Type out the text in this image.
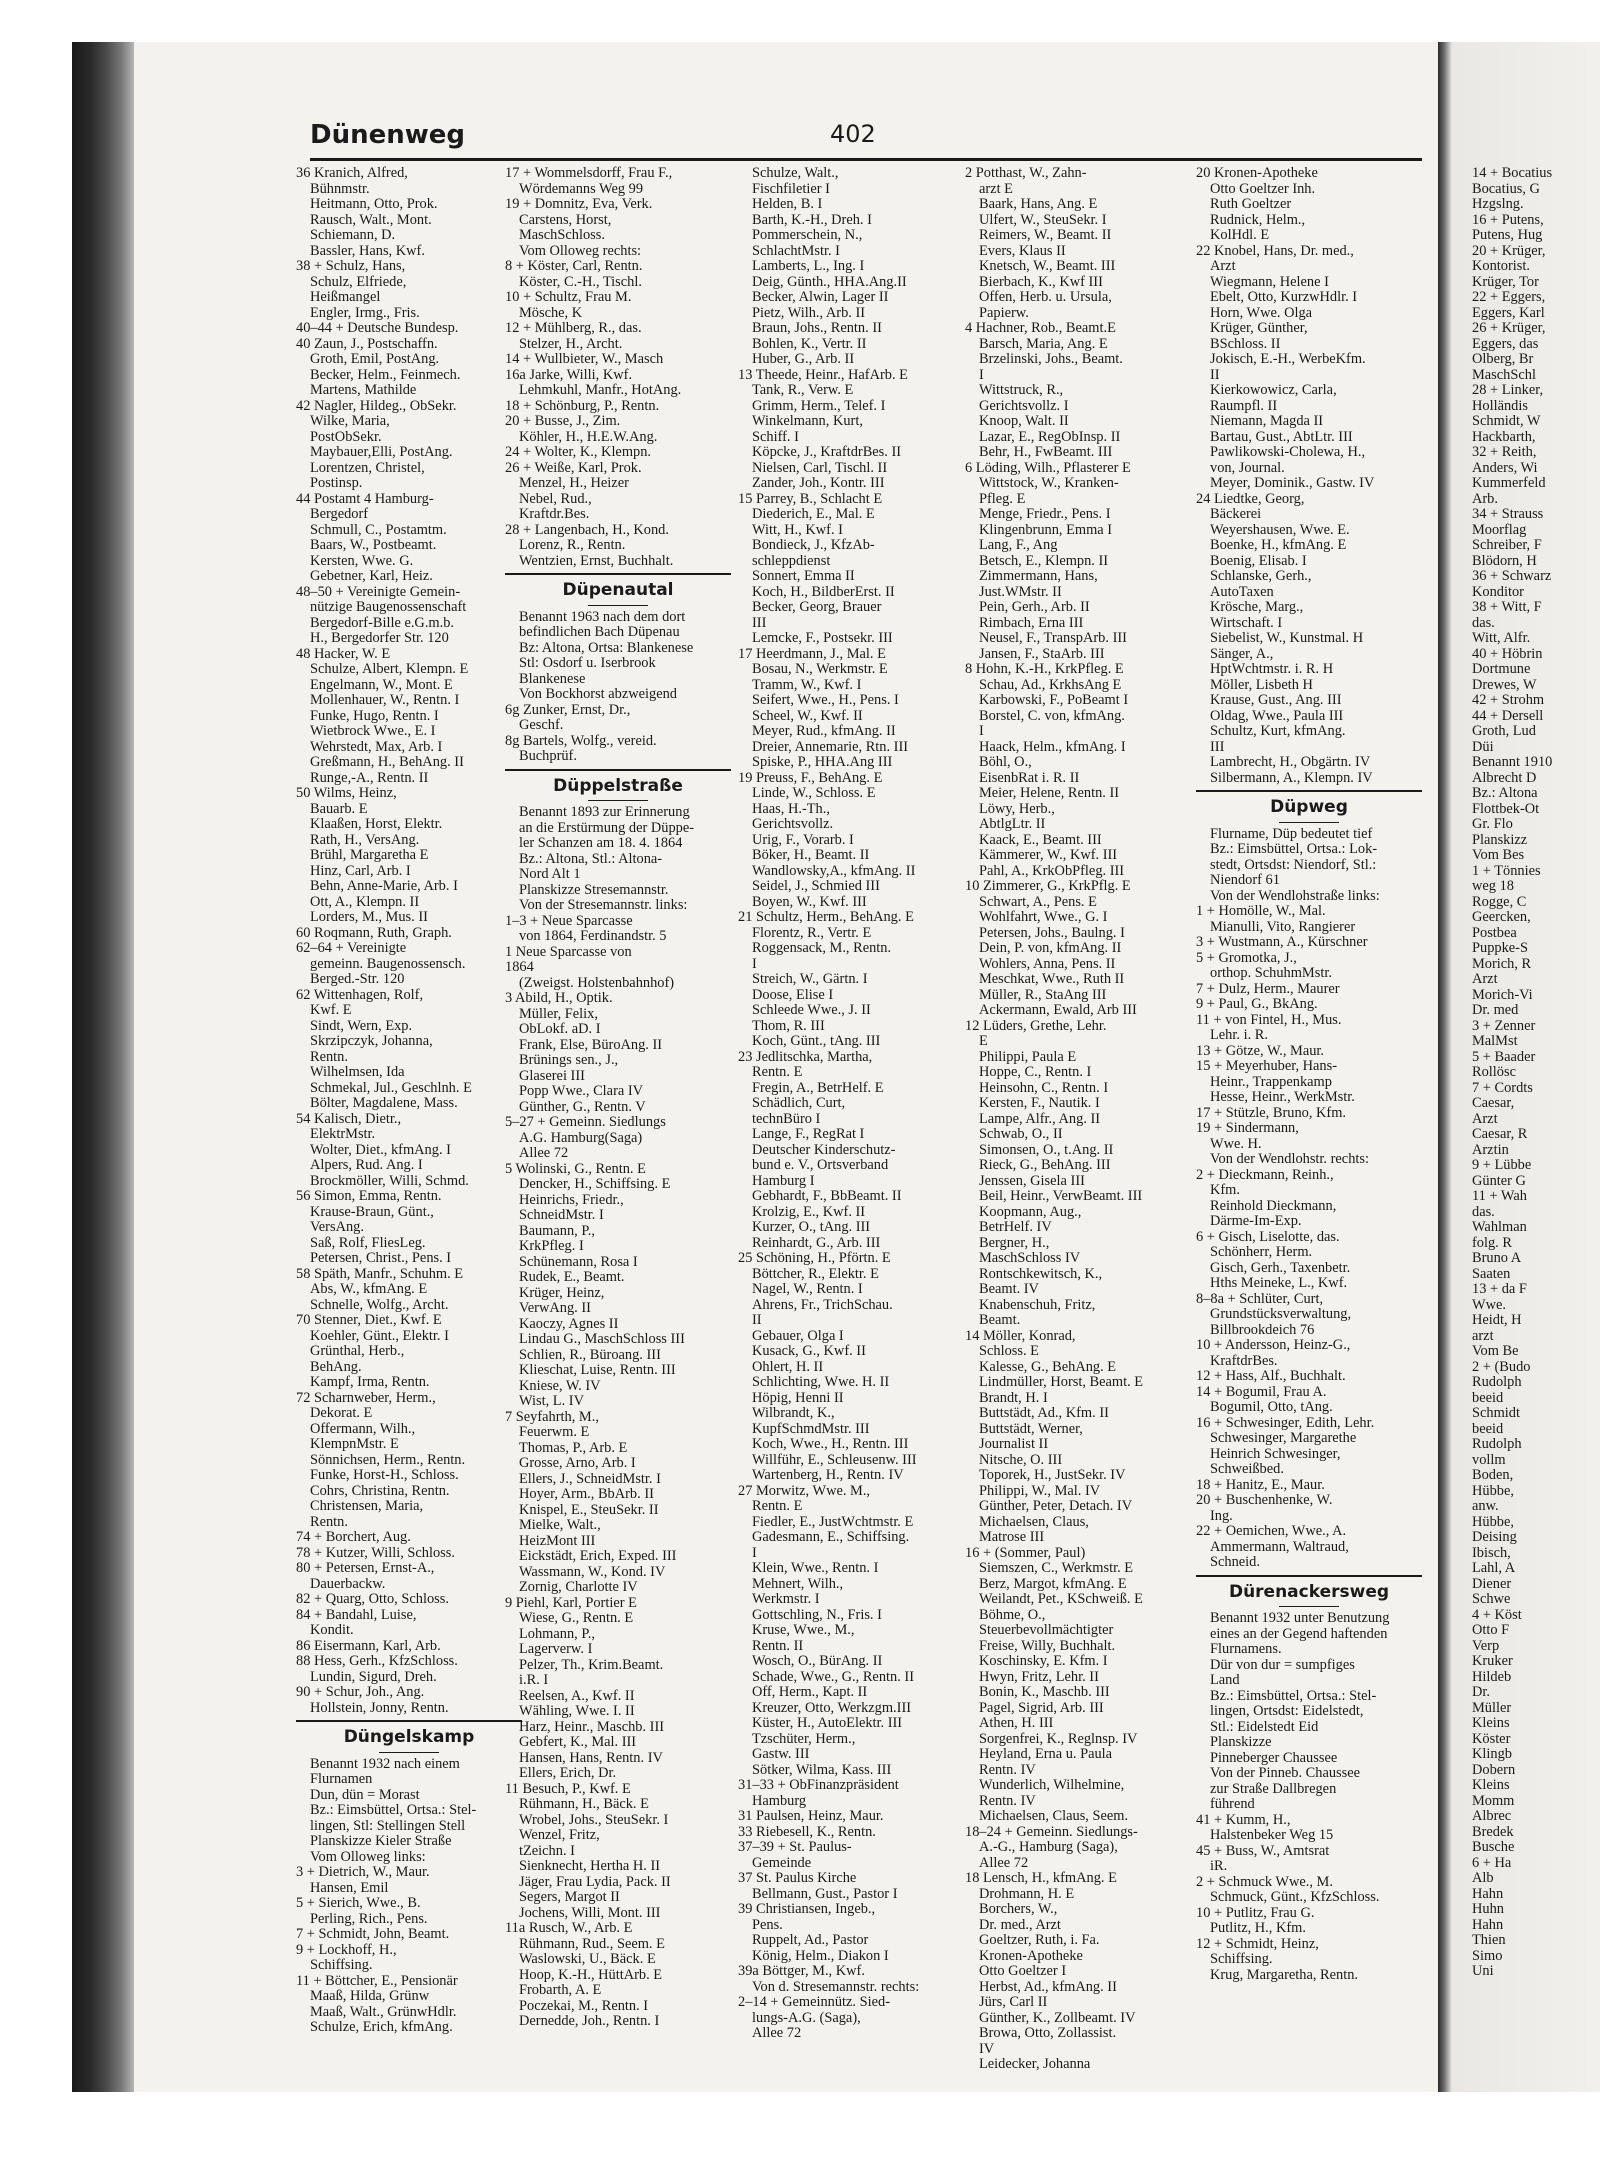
Dünenweg	402
36 Kranich, Alfred,
Bühnmstr.
Heitmann, Otto, Prok.
Rausch, Walt., Mont.
Schiemann, D.
Bassler, Hans, Kwf.
38 + Schulz, Hans,
Schulz, Elfriede,
Heißmangel
Engler, Irmg., Fris.
40–44 + Deutsche Bundesp.
40 Zaun, J., Postschaffn.
Groth, Emil, PostAng.
Becker, Helm., Feinmech.
Martens, Mathilde
42 Nagler, Hildeg., ObSekr.
Wilke, Maria,
PostObSekr.
Maybauer,Elli, PostAng.
Lorentzen, Christel,
Postinsp.
44 Postamt 4 Hamburg-
Bergedorf
Schmull, C., Postamtm.
Baars, W., Postbeamt.
Kersten, Wwe. G.
Gebetner, Karl, Heiz.
48–50 + Vereinigte Gemein-
nützige Baugenossenschaft
Bergedorf-Bille e.G.m.b.
H., Bergedorfer Str. 120
48 Hacker, W. E
Schulze, Albert, Klempn. E
Engelmann, W., Mont. E
Mollenhauer, W., Rentn. I
Funke, Hugo, Rentn. I
Wietbrock Wwe., E. I
Wehrstedt, Max, Arb. I
Greßmann, H., BehAng. II
Runge,-A., Rentn. II
50 Wilms, Heinz,
Bauarb. E
Klaaßen, Horst, Elektr.
Rath, H., VersAng.
Brühl, Margaretha E
Hinz, Carl, Arb. I
Behn, Anne-Marie, Arb. I
Ott, A., Klempn. II
Lorders, M., Mus. II
60 Roqmann, Ruth, Graph.
62–64 + Vereinigte
gemeinn. Baugenossensch.
Berged.-Str. 120
62 Wittenhagen, Rolf,
Kwf. E
Sindt, Wern, Exp.
Skrzipczyk, Johanna,
Rentn.
Wilhelmsen, Ida
Schmekal, Jul., Geschlnh. E
Bölter, Magdalene, Mass.
54 Kalisch, Dietr.,
ElektrMstr.
Wolter, Diet., kfmAng. I
Alpers, Rud. Ang. I
Brockmöller, Willi, Schmd.
56 Simon, Emma, Rentn.
Krause-Braun, Günt.,
VersAng.
Saß, Rolf, FliesLeg.
Petersen, Christ., Pens. I
58 Späth, Manfr., Schuhm. E
Abs, W., kfmAng. E
Schnelle, Wolfg., Archt.
70 Stenner, Diet., Kwf. E
Koehler, Günt., Elektr. I
Grünthal, Herb.,
BehAng.
Kampf, Irma, Rentn.
72 Scharnweber, Herm.,
Dekorat. E
Offermann, Wilh.,
KlempnMstr. E
Sönnichsen, Herm., Rentn.
Funke, Horst-H., Schloss.
Cohrs, Christina, Rentn.
Christensen, Maria,
Rentn.
74 + Borchert, Aug.
78 + Kutzer, Willi, Schloss.
80 + Petersen, Ernst-A.,
Dauerbackw.
82 + Quarg, Otto, Schloss.
84 + Bandahl, Luise,
Kondit.
86 Eisermann, Karl, Arb.
88 Hess, Gerh., KfzSchloss.
Lundin, Sigurd, Dreh.
90 + Schur, Joh., Ang.
Hollstein, Jonny, Rentn.
Düngelskamp
Benannt 1932 nach einem
Flurnamen
Dun, dün = Morast
Bz.: Eimsbüttel, Ortsa.: Stel-
lingen, Stl: Stellingen Stell
Planskizze Kieler Straße
Vom Olloweg links:
3 + Dietrich, W., Maur.
Hansen, Emil
5 + Sierich, Wwe., B.
Perling, Rich., Pens.
7 + Schmidt, John, Beamt.
9 + Lockhoff, H.,
Schiffsing.
11 + Böttcher, E., Pensionär
Maaß, Hilda, Grünw
Maaß, Walt., GrünwHdlr.
Schulze, Erich, kfmAng.
17 + Wommelsdorff, Frau F.,
Wördemanns Weg 99
19 + Domnitz, Eva, Verk.
Carstens, Horst,
MaschSchloss.
Vom Olloweg rechts:
8 + Köster, Carl, Rentn.
Köster, C.-H., Tischl.
10 + Schultz, Frau M.
Mösche, K
12 + Mühlberg, R., das.
Stelzer, H., Archt.
14 + Wullbieter, W., Masch
16a Jarke, Willi, Kwf.
Lehmkuhl, Manfr., HotAng.
18 + Schönburg, P., Rentn.
20 + Busse, J., Zim.
Köhler, H., H.E.W.Ang.
24 + Wolter, K., Klempn.
26 + Weiße, Karl, Prok.
Menzel, H., Heizer
Nebel, Rud.,
Kraftdr.Bes.
28 + Langenbach, H., Kond.
Lorenz, R., Rentn.
Wentzien, Ernst, Buchhalt.
Düpenautal
Benannt 1963 nach dem dort
befindlichen Bach Düpenau
Bz: Altona, Ortsa: Blankenese
Stl: Osdorf u. Iserbrook
Blankenese
Von Bockhorst abzweigend
6g Zunker, Ernst, Dr.,
Geschf.
8g Bartels, Wolfg., vereid.
Buchprüf.
Düppelstraße
Benannt 1893 zur Erinnerung
an die Erstürmung der Düppe-
ler Schanzen am 18. 4. 1864
Bz.: Altona, Stl.: Altona-
Nord Alt 1
Planskizze Stresemannstr.
Von der Stresemannstr. links:
1–3 + Neue Sparcasse
von 1864, Ferdinandstr. 5
1 Neue Sparcasse von
1864
(Zweigst. Holstenbahnhof)
3 Abild, H., Optik.
Müller, Felix,
ObLokf. aD. I
Frank, Else, BüroAng. II
Brünings sen., J.,
Glaserei III
Popp Wwe., Clara IV
Günther, G., Rentn. V
5–27 + Gemeinn. Siedlungs
A.G. Hamburg(Saga)
Allee 72
5 Wolinski, G., Rentn. E
Dencker, H., Schiffsing. E
Heinrichs, Friedr.,
SchneidMstr. I
Baumann, P.,
KrkPfleg. I
Schünemann, Rosa I
Rudek, E., Beamt.
Krüger, Heinz,
VerwAng. II
Kaoczy, Agnes II
Lindau G., MaschSchloss III
Schlien, R., Büroang. III
Klieschat, Luise, Rentn. III
Kniese, W. IV
Wist, L. IV
7 Seyfahrth, M.,
Feuerwm. E
Thomas, P., Arb. E
Grosse, Arno, Arb. I
Ellers, J., SchneidMstr. I
Hoyer, Arm., BbArb. II
Knispel, E., SteuSekr. II
Mielke, Walt.,
HeizMont III
Eickstädt, Erich, Exped. III
Wassmann, W., Kond. IV
Zornig, Charlotte IV
9 Piehl, Karl, Portier E
Wiese, G., Rentn. E
Lohmann, P.,
Lagerverw. I
Pelzer, Th., Krim.Beamt.
i.R. I
Reelsen, A., Kwf. II
Wähling, Wwe. I. II
Harz, Heinr., Maschb. III
Gebfert, K., Mal. III
Hansen, Hans, Rentn. IV
Ellers, Erich, Dr.
11 Besuch, P., Kwf. E
Rühmann, H., Bäck. E
Wrobel, Johs., SteuSekr. I
Wenzel, Fritz,
tZeichn. I
Sienknecht, Hertha H. II
Jäger, Frau Lydia, Pack. II
Segers, Margot II
Jochens, Willi, Mont. III
11a Rusch, W., Arb. E
Rühmann, Rud., Seem. E
Waslowski, U., Bäck. E
Hoop, K.-H., HüttArb. E
Frobarth, A. E
Poczekai, M., Rentn. I
Dernedde, Joh., Rentn. I
Schulze, Walt.,
Fischfiletier I
Helden, B. I
Barth, K.-H., Dreh. I
Pommerschein, N.,
SchlachtMstr. I
Lamberts, L., Ing. I
Deig, Günth., HHA.Ang.II
Becker, Alwin, Lager II
Pietz, Wilh., Arb. II
Braun, Johs., Rentn. II
Bohlen, K., Vertr. II
Huber, G., Arb. II
13 Theede, Heinr., HafArb. E
Tank, R., Verw. E
Grimm, Herm., Telef. I
Winkelmann, Kurt,
Schiff. I
Köpcke, J., KraftdrBes. II
Nielsen, Carl, Tischl. II
Zander, Joh., Kontr. III
15 Parrey, B., Schlacht E
Diederich, E., Mal. E
Witt, H., Kwf. I
Bondieck, J., KfzAb-
schleppdienst
Sonnert, Emma II
Koch, H., BildberErst. II
Becker, Georg, Brauer
III
Lemcke, F., Postsekr. III
17 Heerdmann, J., Mal. E
Bosau, N., Werkmstr. E
Tramm, W., Kwf. I
Seifert, Wwe., H., Pens. I
Scheel, W., Kwf. II
Meyer, Rud., kfmAng. II
Dreier, Annemarie, Rtn. III
Spiske, P., HHA.Ang III
19 Preuss, F., BehAng. E
Linde, W., Schloss. E
Haas, H.-Th.,
Gerichtsvollz.
Urig, F., Vorarb. I
Böker, H., Beamt. II
Wandlowsky,A., kfmAng. II
Seidel, J., Schmied III
Boyen, W., Kwf. III
21 Schultz, Herm., BehAng. E
Florentz, R., Vertr. E
Roggensack, M., Rentn.
I
Streich, W., Gärtn. I
Doose, Elise I
Schleede Wwe., J. II
Thom, R. III
Koch, Günt., tAng. III
23 Jedlitschka, Martha,
Rentn. E
Fregin, A., BetrHelf. E
Schädlich, Curt,
technBüro I
Lange, F., RegRat I
Deutscher Kinderschutz-
bund e. V., Ortsverband
Hamburg I
Gebhardt, F., BbBeamt. II
Krolzig, E., Kwf. II
Kurzer, O., tAng. III
Reinhardt, G., Arb. III
25 Schöning, H., Pförtn. E
Böttcher, R., Elektr. E
Nagel, W., Rentn. I
Ahrens, Fr., TrichSchau.
II
Gebauer, Olga I
Kusack, G., Kwf. II
Ohlert, H. II
Schlichting, Wwe. H. II
Höpig, Henni II
Wilbrandt, K.,
KupfSchmdMstr. III
Koch, Wwe., H., Rentn. III
Willführ, E., Schleusenw. III
Wartenberg, H., Rentn. IV
27 Morwitz, Wwe. M.,
Rentn. E
Fiedler, E., JustWchtmstr. E
Gadesmann, E., Schiffsing.
I
Klein, Wwe., Rentn. I
Mehnert, Wilh.,
Werkmstr. I
Gottschling, N., Fris. I
Kruse, Wwe., M.,
Rentn. II
Wosch, O., BürAng. II
Schade, Wwe., G., Rentn. II
Off, Herm., Kapt. II
Kreuzer, Otto, Werkzgm.III
Küster, H., AutoElektr. III
Tzschüter, Herm.,
Gastw. III
Sötker, Wilma, Kass. III
31–33 + ObFinanzpräsident
Hamburg
31 Paulsen, Heinz, Maur.
33 Riebesell, K., Rentn.
37–39 + St. Paulus-
Gemeinde
37 St. Paulus Kirche
Bellmann, Gust., Pastor I
39 Christiansen, Ingeb.,
Pens.
Ruppelt, Ad., Pastor
König, Helm., Diakon I
39a Böttger, M., Kwf.
Von d. Stresemannstr. rechts:
2–14 + Gemeinnütz. Sied-
lungs-A.G. (Saga),
Allee 72
2 Potthast, W., Zahn-
arzt E
Baark, Hans, Ang. E
Ulfert, W., SteuSekr. I
Reimers, W., Beamt. II
Evers, Klaus II
Knetsch, W., Beamt. III
Bierbach, K., Kwf III
Offen, Herb. u. Ursula,
Papierw.
4 Hachner, Rob., Beamt.E
Barsch, Maria, Ang. E
Brzelinski, Johs., Beamt.
I
Wittstruck, R.,
Gerichtsvollz. I
Knoop, Walt. II
Lazar, E., RegObInsp. II
Behr, H., FwBeamt. III
6 Löding, Wilh., Pflasterer E
Wittstock, W., Kranken-
Pfleg. E
Menge, Friedr., Pens. I
Klingenbrunn, Emma I
Lang, F., Ang
Betsch, E., Klempn. II
Zimmermann, Hans,
Just.WMstr. II
Pein, Gerh., Arb. II
Rimbach, Erna III
Neusel, F., TranspArb. III
Jansen, F., StaArb. III
8 Hohn, K.-H., KrkPfleg. E
Schau, Ad., KrkhsAng E
Karbowski, F., PoBeamt I
Borstel, C. von, kfmAng.
I
Haack, Helm., kfmAng. I
Böhl, O.,
EisenbRat i. R. II
Meier, Helene, Rentn. II
Löwy, Herb.,
AbtlgLtr. II
Kaack, E., Beamt. III
Kämmerer, W., Kwf. III
Pahl, A., KrkObPfleg. III
10 Zimmerer, G., KrkPflg. E
Schwart, A., Pens. E
Wohlfahrt, Wwe., G. I
Petersen, Johs., Baulng. I
Dein, P. von, kfmAng. II
Wohlers, Anna, Pens. II
Meschkat, Wwe., Ruth II
Müller, R., StaAng III
Ackermann, Ewald, Arb III
12 Lüders, Grethe, Lehr.
E
Philippi, Paula E
Hoppe, C., Rentn. I
Heinsohn, C., Rentn. I
Kersten, F., Nautik. I
Lampe, Alfr., Ang. II
Schwab, O., II
Simonsen, O., t.Ang. II
Rieck, G., BehAng. III
Jenssen, Gisela III
Beil, Heinr., VerwBeamt. III
Koopmann, Aug.,
BetrHelf. IV
Bergner, H.,
MaschSchloss IV
Rontschkewitsch, K.,
Beamt. IV
Knabenschuh, Fritz,
Beamt.
14 Möller, Konrad,
Schloss. E
Kalesse, G., BehAng. E
Lindmüller, Horst, Beamt. E
Brandt, H. I
Buttstädt, Ad., Kfm. II
Buttstädt, Werner,
Journalist II
Nitsche, O. III
Toporek, H., JustSekr. IV
Philippi, W., Mal. IV
Günther, Peter, Detach. IV
Michaelsen, Claus,
Matrose III
16 + (Sommer, Paul)
Siemszen, C., Werkmstr. E
Berz, Margot, kfmAng. E
Weilandt, Pet., KSchweiß. E
Böhme, O.,
Steuerbevollmächtigter
Freise, Willy, Buchhalt.
Koschinsky, E. Kfm. I
Hwyn, Fritz, Lehr. II
Bonin, K., Maschb. III
Pagel, Sigrid, Arb. III
Athen, H. III
Sorgenfrei, K., Reglnsp. IV
Heyland, Erna u. Paula
Rentn. IV
Wunderlich, Wilhelmine,
Rentn. IV
Michaelsen, Claus, Seem.
18–24 + Gemeinn. Siedlungs-
A.-G., Hamburg (Saga),
Allee 72
18 Lensch, H., kfmAng. E
Drohmann, H. E
Borchers, W.,
Dr. med., Arzt
Goeltzer, Ruth, i. Fa.
Kronen-Apotheke
Otto Goeltzer I
Herbst, Ad., kfmAng. II
Jürs, Carl II
Günther, K., Zollbeamt. IV
Browa, Otto, Zollassist.
IV
Leidecker, Johanna
20 Kronen-Apotheke
Otto Goeltzer Inh.
Ruth Goeltzer
Rudnick, Helm.,
KolHdl. E
22 Knobel, Hans, Dr. med.,
Arzt
Wiegmann, Helene I
Ebelt, Otto, KurzwHdlr. I
Horn, Wwe. Olga
Krüger, Günther,
BSchloss. II
Jokisch, E.-H., WerbeKfm.
II
Kierkowowicz, Carla,
Raumpfl. II
Niemann, Magda II
Bartau, Gust., AbtLtr. III
Pawlikowski-Cholewa, H.,
von, Journal.
Meyer, Dominik., Gastw. IV
24 Liedtke, Georg,
Bäckerei
Weyershausen, Wwe. E.
Boenke, H., kfmAng. E
Boenig, Elisab. I
Schlanske, Gerh.,
AutoTaxen
Krösche, Marg.,
Wirtschaft. I
Siebelist, W., Kunstmal. H
Sänger, A.,
HptWchtmstr. i. R. H
Möller, Lisbeth H
Krause, Gust., Ang. III
Oldag, Wwe., Paula III
Schultz, Kurt, kfmAng.
III
Lambrecht, H., Obgärtn. IV
Silbermann, A., Klempn. IV
Düpweg
Flurname, Düp bedeutet tief
Bz.: Eimsbüttel, Ortsa.: Lok-
stedt, Ortsdst: Niendorf, Stl.:
Niendorf 61
Von der Wendlohstraße links:
1 + Homölle, W., Mal.
Mianulli, Vito, Rangierer
3 + Wustmann, A., Kürschner
5 + Gromotka, J.,
orthop. SchuhmMstr.
7 + Dulz, Herm., Maurer
9 + Paul, G., BkAng.
11 + von Fintel, H., Mus.
Lehr. i. R.
13 + Götze, W., Maur.
15 + Meyerhuber, Hans-
Heinr., Trappenkamp
Hesse, Heinr., WerkMstr.
17 + Stützle, Bruno, Kfm.
19 + Sindermann,
Wwe. H.
Von der Wendlohstr. rechts:
2 + Dieckmann, Reinh.,
Kfm.
Reinhold Dieckmann,
Därme-Im-Exp.
6 + Gisch, Liselotte, das.
Schönherr, Herm.
Gisch, Gerh., Taxenbetr.
Hths Meineke, L., Kwf.
8–8a + Schlüter, Curt,
Grundstücksverwaltung,
Billbrookdeich 76
10 + Andersson, Heinz-G.,
KraftdrBes.
12 + Hass, Alf., Buchhalt.
14 + Bogumil, Frau A.
Bogumil, Otto, tAng.
16 + Schwesinger, Edith, Lehr.
Schwesinger, Margarethe
Heinrich Schwesinger,
Schweißbed.
18 + Hanitz, E., Maur.
20 + Buschenhenke, W.
Ing.
22 + Oemichen, Wwe., A.
Ammermann, Waltraud,
Schneid.
Dürenackersweg
Benannt 1932 unter Benutzung
eines an der Gegend haftenden
Flurnamens.
Dür von dur = sumpfiges
Land
Bz.: Eimsbüttel, Ortsa.: Stel-
lingen, Ortsdst: Eidelstedt,
Stl.: Eidelstedt Eid
Planskizze
Pinneberger Chaussee
Von der Pinneb. Chaussee
zur Straße Dallbregen
führend
41 + Kumm, H.,
Halstenbeker Weg 15
45 + Buss, W., Amtsrat
iR.
2 + Schmuck Wwe., M.
Schmuck, Günt., KfzSchloss.
10 + Putlitz, Frau G.
Putlitz, H., Kfm.
12 + Schmidt, Heinz,
Schiffsing.
Krug, Margaretha, Rentn.
14 + Bocatius
Bocatius, G
Hzgslng.
16 + Putens,
Putens, Hug
20 + Krüger,
Kontorist.
Krüger, Tor
22 + Eggers,
Eggers, Karl
26 + Krüger,
Eggers, das
Olberg, Br
MaschSchl
28 + Linker,
Holländis
Schmidt, W
Hackbarth,
32 + Reith,
Anders, Wi
Kummerfeld
Arb.
34 + Strauss
Moorflag
Schreiber, F
Blödorn, H
36 + Schwarz
Konditor
38 + Witt, F
das.
Witt, Alfr.
40 + Höbrin
Dortmune
Drewes, W
42 + Strohm
44 + Dersell
Groth, Lud
Düi
Benannt 1910
Albrecht D
Bz.: Altona
Flottbek-Ot
Gr. Flo
Planskizz
Vom Bes
1 + Tönnies
weg 18
Rogge, C
Geercken,
Postbea
Puppke-S
Morich, R
Arzt
Morich-Vi
Dr. med
3 + Zenner
MalMst
5 + Baader
Rollösc
7 + Cordts
Caesar,
Arzt
Caesar, R
Arztin
9 + Lübbe
Günter G
11 + Wah
das.
Wahlman
folg. R
Bruno A
Saaten
13 + da F
Wwe.
Heidt, H
arzt
Vom Be
2 + (Budo
Rudolph
beeid
Schmidt
beeid
Rudolph
vollm
Boden,
Hübbe,
anw.
Hübbe,
Deising
Ibisch,
Lahl, A
Diener
Schwe
4 + Köst
Otto F
Verp
Kruker
Hildeb
Dr.
Müller
Kleins
Köster
Klingb
Dobern
Kleins
Momm
Albrec
Bredek
Busche
6 + Ha
Alb
Hahn
Huhn
Hahn
Thien
Simo
Uni
